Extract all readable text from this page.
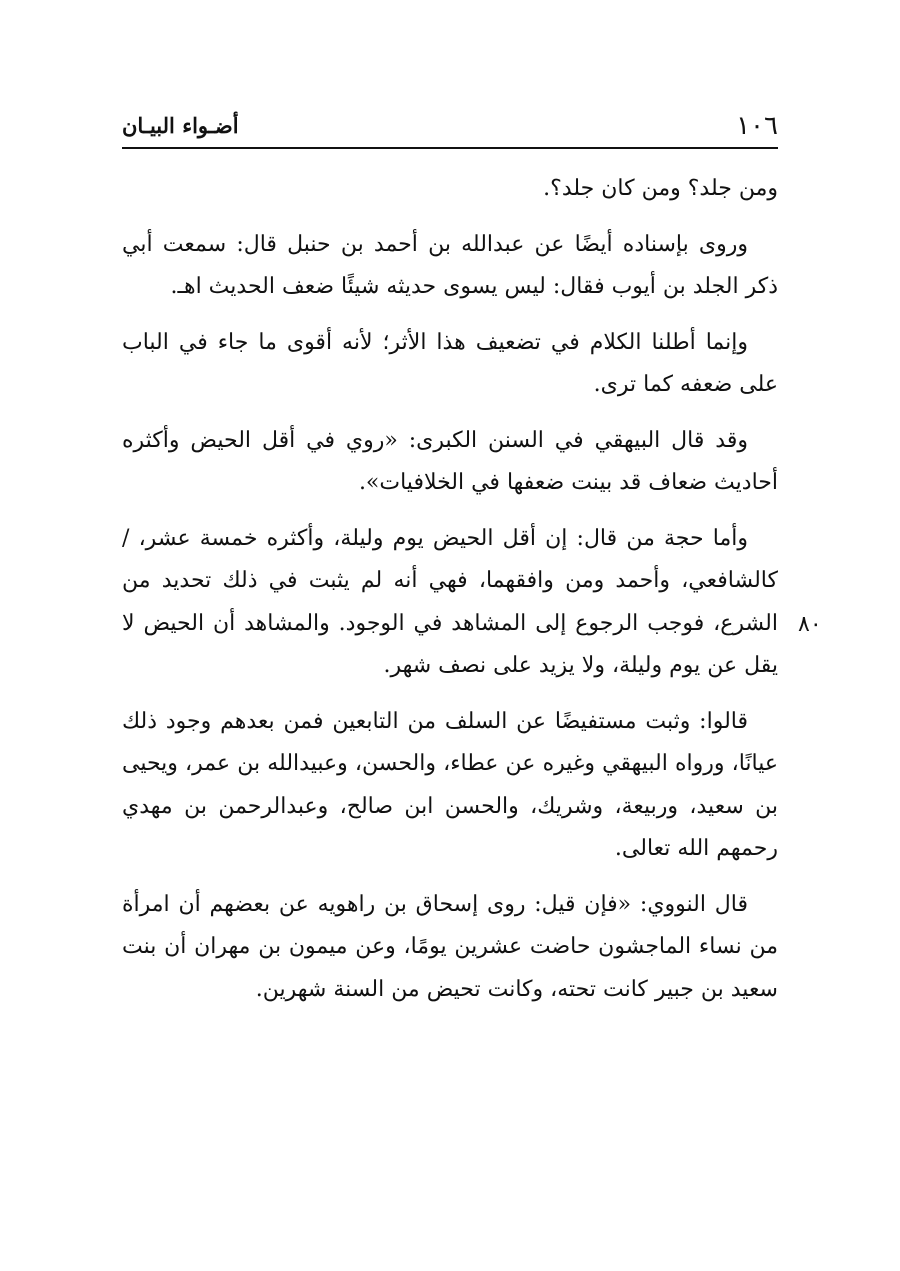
١٠٦
أضـواء البيـان
٨٠

ومن جلد؟ ومن كان جلد؟.

وروى بإسناده أيضًا عن عبدالله بن أحمد بن حنبل قال: سمعت أبي ذكر الجلد بن أيوب فقال: ليس يسوى حديثه شيئًا ضعف الحديث اهـ.

وإنما أطلنا الكلام في تضعيف هذا الأثر؛ لأنه أقوى ما جاء في الباب على ضعفه كما ترى.

وقد قال البيهقي في السنن الكبرى: «روي في أقل الحيض وأكثره أحاديث ضعاف قد بينت ضعفها في الخلافيات».

وأما حجة من قال: إن أقل الحيض يوم وليلة، وأكثره خمسة عشر، / كالشافعي، وأحمد ومن وافقهما، فهي أنه لم يثبت في ذلك تحديد من الشرع، فوجب الرجوع إلى المشاهد في الوجود. والمشاهد أن الحيض لا يقل عن يوم وليلة، ولا يزيد على نصف شهر.

قالوا: وثبت مستفيضًا عن السلف من التابعين فمن بعدهم وجود ذلك عيانًا، ورواه البيهقي وغيره عن عطاء، والحسن، وعبيدالله بن عمر، ويحيى بن سعيد، وربيعة، وشريك، والحسن ابن صالح، وعبدالرحمن بن مهدي رحمهم الله تعالى.

قال النووي: «فإن قيل: روى إسحاق بن راهويه عن بعضهم أن امرأة من نساء الماجشون حاضت عشرين يومًا، وعن ميمون بن مهران أن بنت سعيد بن جبير كانت تحته، وكانت تحيض من السنة شهرين.
